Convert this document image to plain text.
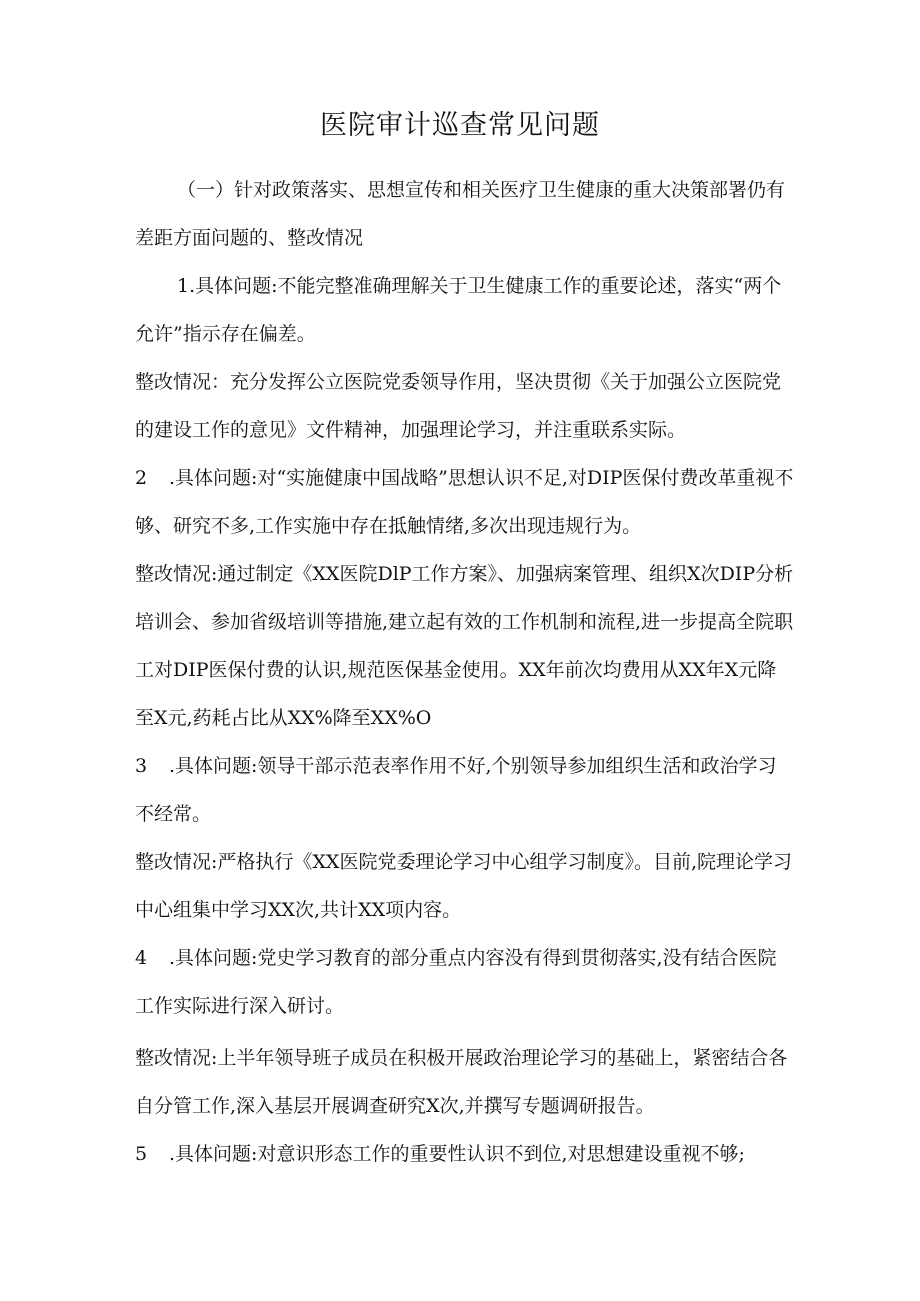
医院审计巡查常见问题

（一）针对政策落实、思想宣传和相关医疗卫生健康的重大决策部署仍有差距方面问题的、整改情况

1.具体问题:不能完整准确理解关于卫生健康工作的重要论述，落实“两个允许”指示存在偏差。

整改情况：充分发挥公立医院党委领导作用，坚决贯彻《关于加强公立医院党的建设工作的意见》文件精神，加强理论学习，并注重联系实际。

2 .具体问题:对“实施健康中国战略”思想认识不足,对DIP医保付费改革重视不够、研究不多,工作实施中存在抵触情绪,多次出现违规行为。

整改情况:通过制定《XX医院DlP工作方案》、加强病案管理、组织X次DIP分析培训会、参加省级培训等措施,建立起有效的工作机制和流程,进一步提高全院职工对DIP医保付费的认识,规范医保基金使用。XX年前次均费用从XX年X元降至X元,药耗占比从XX%降至XX%O

3 .具体问题:领导干部示范表率作用不好,个别领导参加组织生活和政治学习不经常。

整改情况:严格执行《XX医院党委理论学习中心组学习制度》。目前,院理论学习中心组集中学习XX次,共计XX项内容。

4 .具体问题:党史学习教育的部分重点内容没有得到贯彻落实,没有结合医院工作实际进行深入研讨。

整改情况:上半年领导班子成员在积极开展政治理论学习的基础上，紧密结合各自分管工作,深入基层开展调查研究X次,并撰写专题调研报告。

5 .具体问题:对意识形态工作的重要性认识不到位,对思想建设重视不够;
